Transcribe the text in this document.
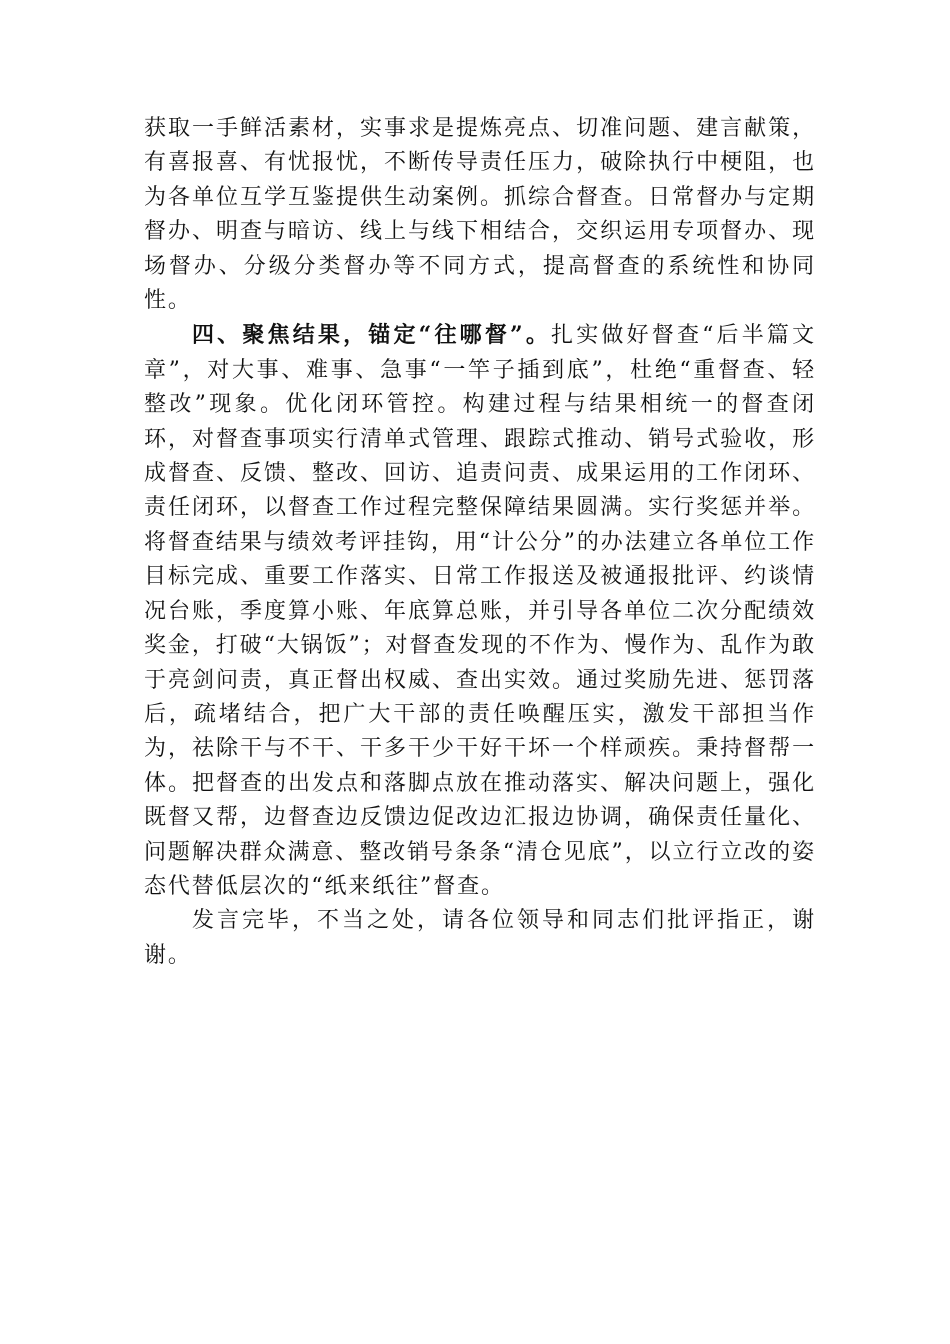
获取一手鲜活素材，实事求是提炼亮点、切准问题、建言献策，有喜报喜、有忧报忧，不断传导责任压力，破除执行中梗阻，也为各单位互学互鉴提供生动案例。抓综合督查。日常督办与定期督办、明查与暗访、线上与线下相结合，交织运用专项督办、现场督办、分级分类督办等不同方式，提高督查的系统性和协同性。

四、聚焦结果，锚定“往哪督”。扎实做好督查“后半篇文章”，对大事、难事、急事“一竿子插到底”，杜绝“重督查、轻整改”现象。优化闭环管控。构建过程与结果相统一的督查闭环，对督查事项实行清单式管理、跟踪式推动、销号式验收，形成督查、反馈、整改、回访、追责问责、成果运用的工作闭环、责任闭环，以督查工作过程完整保障结果圆满。实行奖惩并举。将督查结果与绩效考评挂钩，用“计公分”的办法建立各单位工作目标完成、重要工作落实、日常工作报送及被通报批评、约谈情况台账，季度算小账、年底算总账，并引导各单位二次分配绩效奖金，打破“大锅饭”；对督查发现的不作为、慢作为、乱作为敢于亮剑问责，真正督出权威、查出实效。通过奖励先进、惩罚落后，疏堵结合，把广大干部的责任唤醒压实，激发干部担当作为，祛除干与不干、干多干少干好干坏一个样顽疾。秉持督帮一体。把督查的出发点和落脚点放在推动落实、解决问题上，强化既督又帮，边督查边反馈边促改边汇报边协调，确保责任量化、问题解决群众满意、整改销号条条“清仓见底”，以立行立改的姿态代替低层次的“纸来纸往”督查。

发言完毕，不当之处，请各位领导和同志们批评指正，谢谢。
